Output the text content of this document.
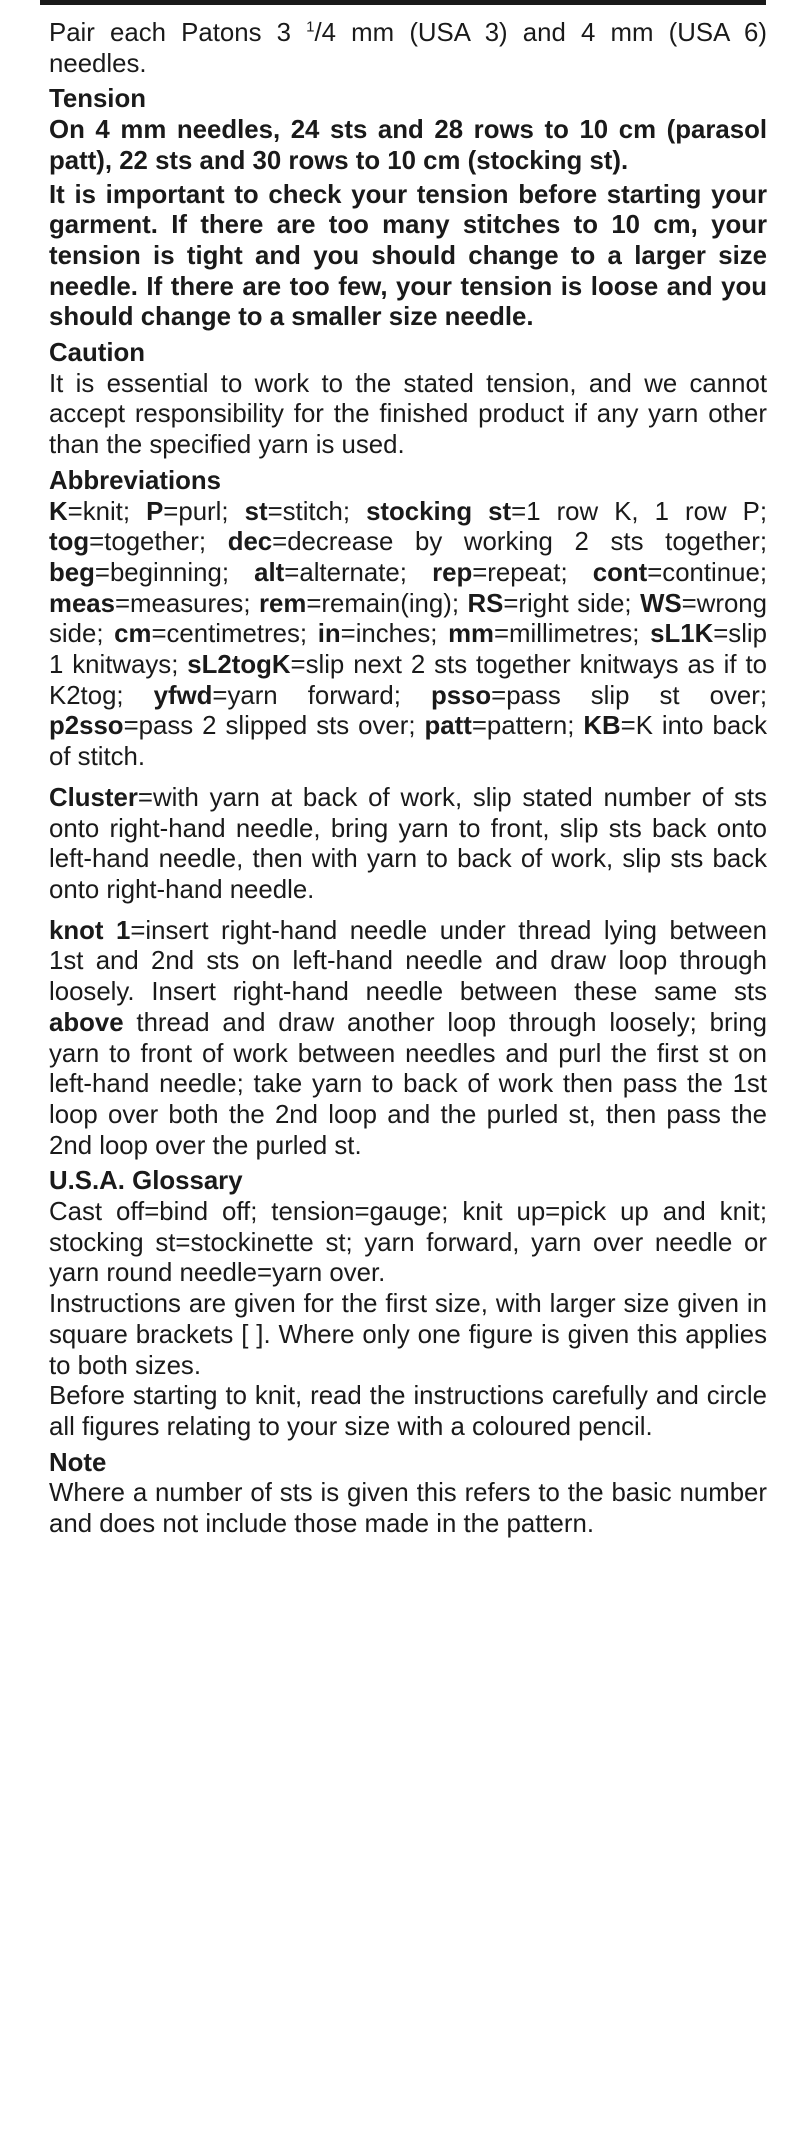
Pair each Patons 3 $^1$/4 mm (USA 3) and 4 mm (USA 6) needles.

Tension

On 4 mm needles, 24 sts and 28 rows to 10 cm (parasol patt), 22 sts and 30 rows to 10 cm (stocking st).

It is important to check your tension before starting your garment. If there are too many stitches to 10 cm, your tension is tight and you should change to a larger size needle. If there are too few, your tension is loose and you should change to a smaller size needle.

Caution

It is essential to work to the stated tension, and we cannot accept responsibility for the finished product if any yarn other than the specified yarn is used.

Abbreviations

K=knit; P=purl; st=stitch; stocking st=1 row K, 1 row P; tog=together; dec=decrease by working 2 sts together; beg=beginning; alt=alternate; rep=repeat; cont=continue; meas=measures; rem=remain(ing); RS=right side; WS=wrong side; cm=centimetres; in=inches; mm=millimetres; sL1K=slip 1 knitways; sL2togK=slip next 2 sts together knitways as if to K2tog; yfwd=yarn forward; psso=pass slip st over; p2sso=pass 2 slipped sts over; patt=pattern; KB=K into back of stitch.

Cluster=with yarn at back of work, slip stated number of sts onto right-hand needle, bring yarn to front, slip sts back onto left-hand needle, then with yarn to back of work, slip sts back onto right-hand needle.

knot 1=insert right-hand needle under thread lying between 1st and 2nd sts on left-hand needle and draw loop through loosely. Insert right-hand needle between these same sts above thread and draw another loop through loosely; bring yarn to front of work between needles and purl the first st on left-hand needle; take yarn to back of work then pass the 1st loop over both the 2nd loop and the purled st, then pass the 2nd loop over the purled st.

U.S.A. Glossary

Cast off=bind off; tension=gauge; knit up=pick up and knit; stocking st=stockinette st; yarn forward, yarn over needle or yarn round needle=yarn over.

Instructions are given for the first size, with larger size given in square brackets [ ]. Where only one figure is given this applies to both sizes.

Before starting to knit, read the instructions carefully and circle all figures relating to your size with a coloured pencil.

Note

Where a number of sts is given this refers to the basic number and does not include those made in the pattern.
